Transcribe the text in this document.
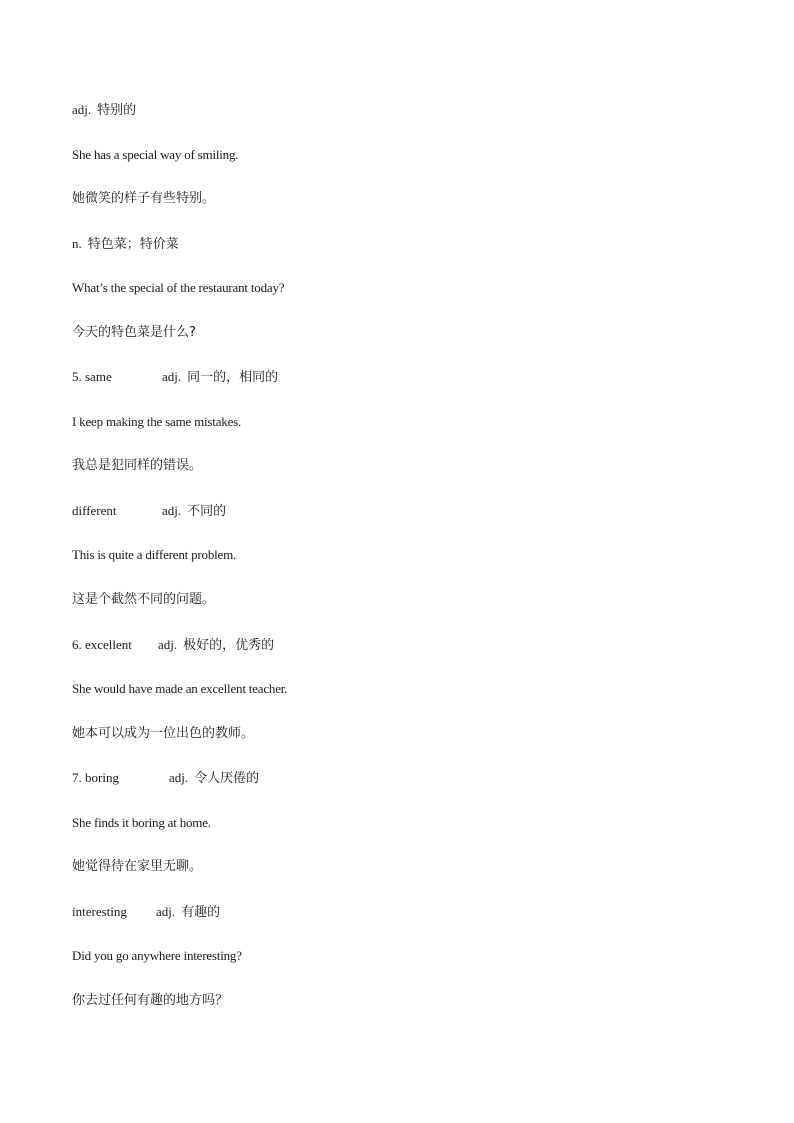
adj. 特别的
She has a special way of smiling.
她微笑的样子有些特别。
n. 特色菜；特价菜
What’s the special of the restaurant today?
今天的特色菜是什么?
5. same	adj. 同一的，相同的
I keep making the same mistakes.
我总是犯同样的错误。
different	adj. 不同的
This is quite a different problem.
这是个截然不同的问题。
6. excellent adj. 极好的，优秀的
She would have made an excellent teacher.
她本可以成为一位出色的教师。
7. boring	adj. 令人厌倦的
She finds it boring at home.
她觉得待在家里无聊。
interesting adj. 有趣的
Did you go anywhere interesting?
你去过任何有趣的地方吗？
